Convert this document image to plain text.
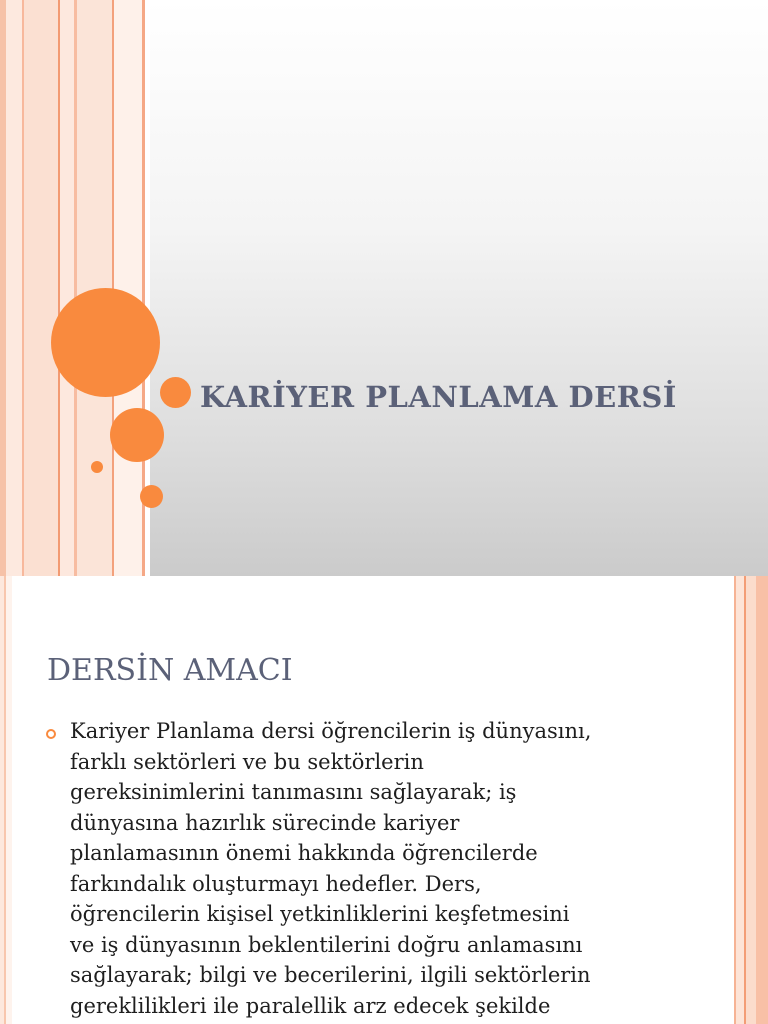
KARİYER PLANLAMA DERSİ
DERSİN AMACI
Kariyer Planlama dersi öğrencilerin iş dünyasını,
farklı sektörleri ve bu sektörlerin
gereksinimlerini tanımasını sağlayarak; iş
dünyasına hazırlık sürecinde kariyer
planlamasının önemi hakkında öğrencilerde
farkındalık oluşturmayı hedefler. Ders,
öğrencilerin kişisel yetkinliklerini keşfetmesini
ve iş dünyasının beklentilerini doğru anlamasını
sağlayarak; bilgi ve becerilerini, ilgili sektörlerin
gereklilikleri ile paralellik arz edecek şekilde
